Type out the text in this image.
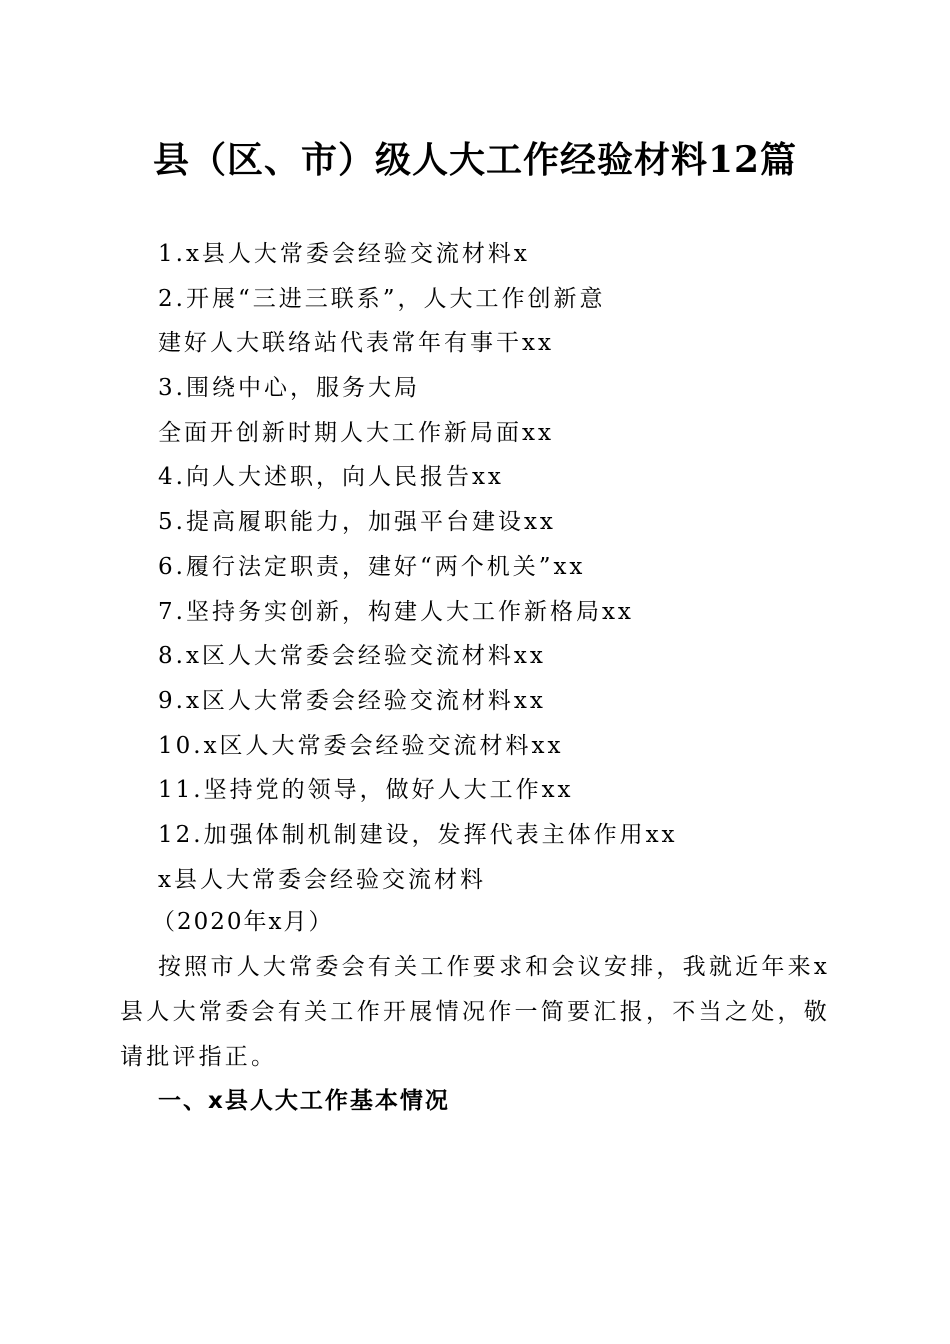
县（区、市）级人大工作经验材料12篇
1.x县人大常委会经验交流材料x
2.开展“三进三联系”，人大工作创新意
建好人大联络站代表常年有事干xx
3.围绕中心，服务大局
全面开创新时期人大工作新局面xx
4.向人大述职，向人民报告xx
5.提高履职能力，加强平台建设xx
6.履行法定职责，建好“两个机关”xx
7.坚持务实创新，构建人大工作新格局xx
8.x区人大常委会经验交流材料xx
9.x区人大常委会经验交流材料xx
10.x区人大常委会经验交流材料xx
11.坚持党的领导，做好人大工作xx
12.加强体制机制建设，发挥代表主体作用xx
x县人大常委会经验交流材料
（2020年x月）

按照市人大常委会有关工作要求和会议安排，我就近年来x县人大常委会有关工作开展情况作一简要汇报，不当之处，敬请批评指正。

一、x县人大工作基本情况
